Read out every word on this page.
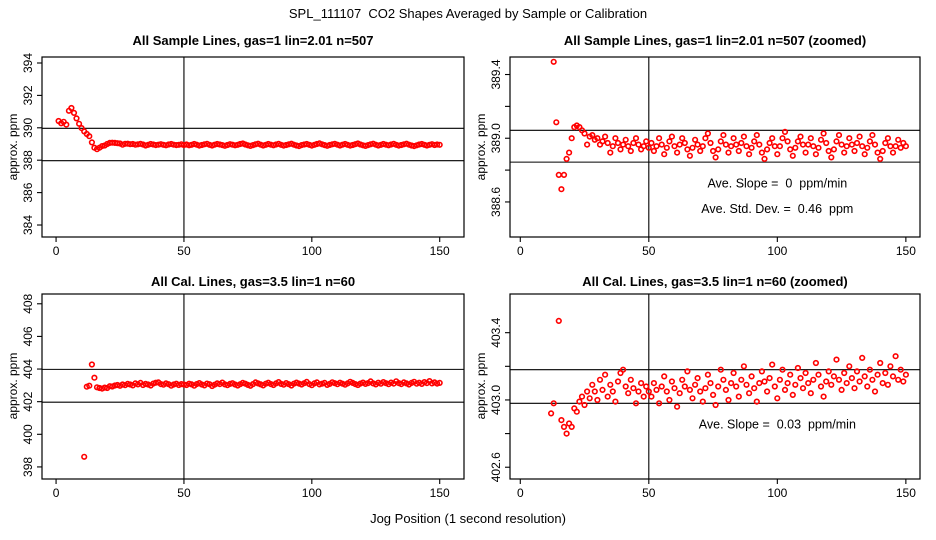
384
386
388
390
392
394
0	50	100	150
388.6
389.0
389.4
0	50	100	150
Ave. Slope =  0  ppm/min
Ave. Std. Dev. =  0.46  ppm
398
400
402
404
406
408
0	50	100	150
402.6
403.0
403.4
0	50	100	150
Ave. Slope =  0.03  ppm/min
SPL_111107  CO2 Shapes Averaged by Sample or Calibration
All Sample Lines, gas=1 lin=2.01 n=507	All Sample Lines, gas=1 lin=2.01 n=507 (zoomed)
All Cal. Lines, gas=3.5 lin=1 n=60	All Cal. Lines, gas=3.5 lin=1 n=60 (zoomed)
approx. ppm	approx. ppm
approx. ppm	approx. ppm
Jog Position (1 second resolution)
